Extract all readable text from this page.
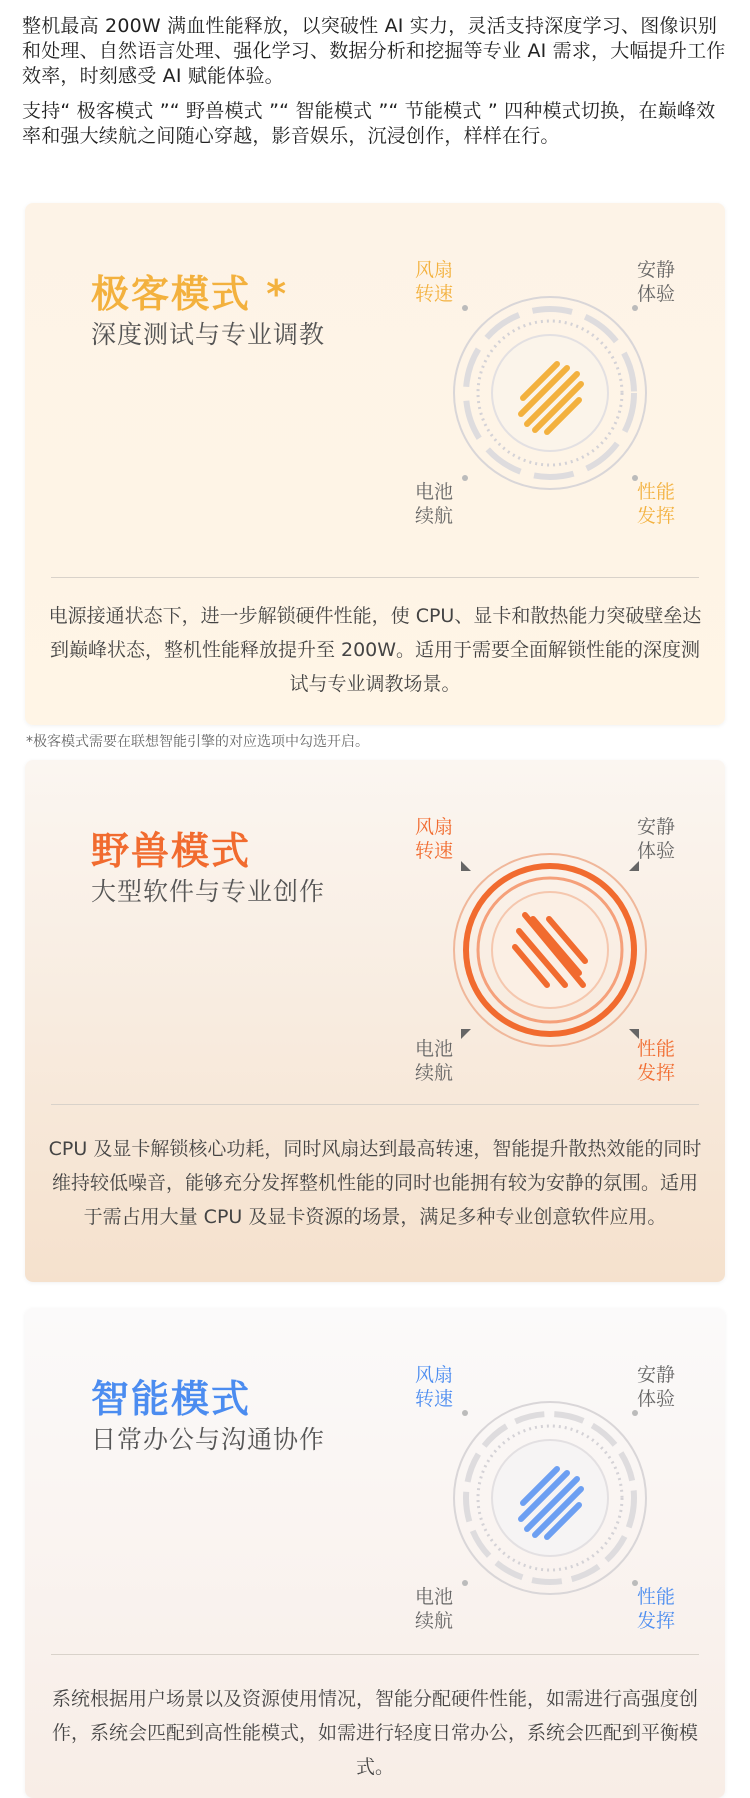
整机最高 200W 满血性能释放，以突破性 AI 实力，灵活支持深度学习、图像识别和处理、自然语言处理、强化学习、数据分析和挖掘等专业 AI 需求，大幅提升工作效率，时刻感受 AI 赋能体验。

支持“ 极客模式 ”“ 野兽模式 ”“ 智能模式 ”“ 节能模式 ” 四种模式切换，在巅峰效率和强大续航之间随心穿越，影音娱乐，沉浸创作，样样在行。

极客模式 *
深度测试与专业调教
风扇转速
安静体验
电池续航
性能发挥
电源接通状态下，进一步解锁硬件性能，使 CPU、显卡和散热能力突破壁垒达到巅峰状态，整机性能释放提升至 200W。适用于需要全面解锁性能的深度测试与专业调教场景。
*极客模式需要在联想智能引擎的对应选项中勾选开启。
野兽模式
大型软件与专业创作
风扇转速
安静体验
电池续航
性能发挥
CPU 及显卡解锁核心功耗，同时风扇达到最高转速，智能提升散热效能的同时维持较低噪音，能够充分发挥整机性能的同时也能拥有较为安静的氛围。适用于需占用大量 CPU 及显卡资源的场景，满足多种专业创意软件应用。
智能模式
日常办公与沟通协作
风扇转速
安静体验
电池续航
性能发挥
系统根据用户场景以及资源使用情况，智能分配硬件性能，如需进行高强度创作，系统会匹配到高性能模式，如需进行轻度日常办公，系统会匹配到平衡模式。
